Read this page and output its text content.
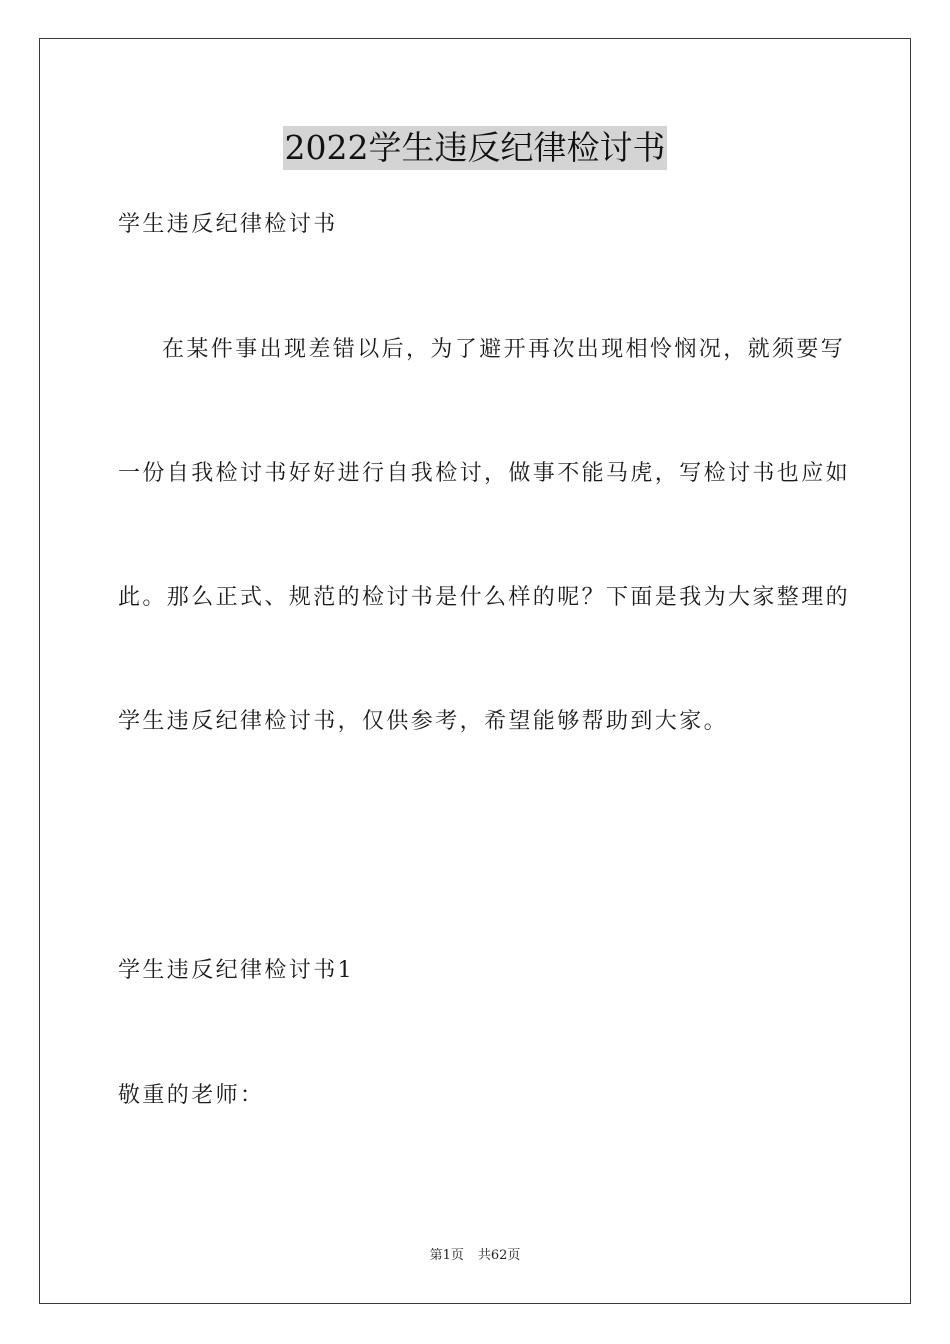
2022学生违反纪律检讨书
学生违反纪律检讨书
在某件事出现差错以后，为了避开再次出现相怜悯况，就须要写
一份自我检讨书好好进行自我检讨，做事不能马虎，写检讨书也应如
此。那么正式、规范的检讨书是什么样的呢？下面是我为大家整理的
学生违反纪律检讨书，仅供参考，希望能够帮助到大家。
学生违反纪律检讨书1
敬重的老师：
第1页 共62页
